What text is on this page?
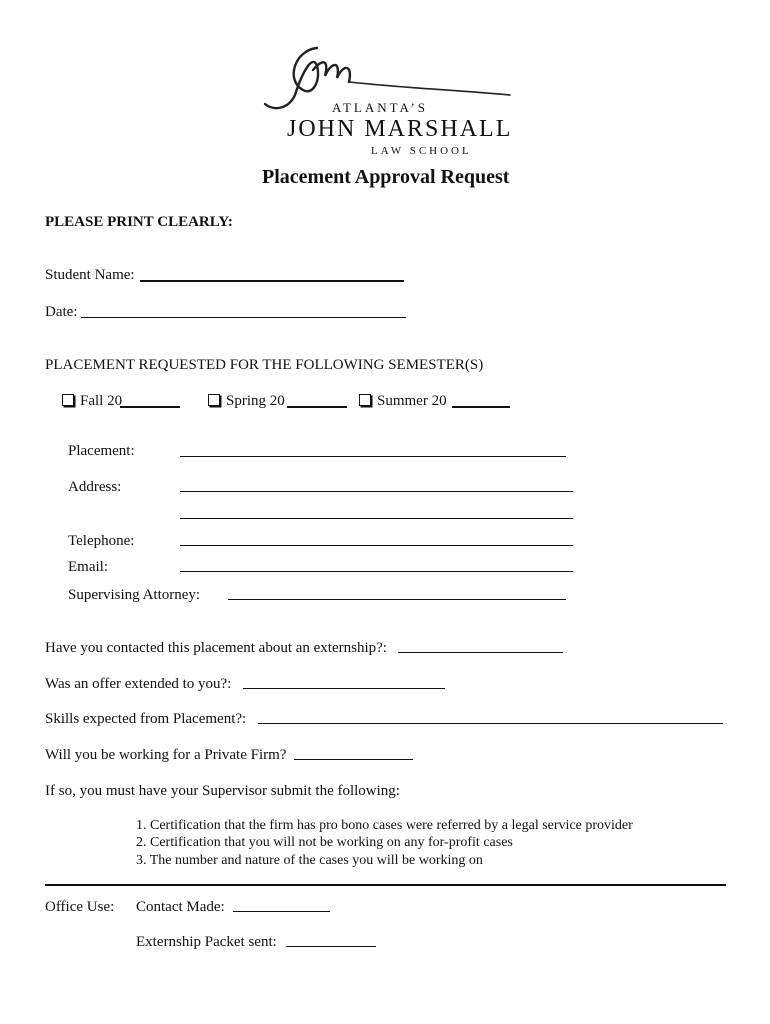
ATLANTA’S
JOHN MARSHALL
LAW SCHOOL
Placement Approval Request
PLEASE PRINT CLEARLY:
Student Name:
Date:
PLACEMENT REQUESTED FOR THE FOLLOWING SEMESTER(S)
Fall 20	Spring 20	Summer 20
Placement:
Address:
Telephone:
Email:
Supervising Attorney:
Have you contacted this placement about an externship?:
Was an offer extended to you?:
Skills expected from Placement?:
Will you be working for a Private Firm?
If so, you must have your Supervisor submit the following:
1. Certification that the firm has pro bono cases were referred by a legal service provider
2. Certification that you will not be working on any for-profit cases
3. The number and nature of the cases you will be working on
Office Use: Contact Made:
Externship Packet sent:
